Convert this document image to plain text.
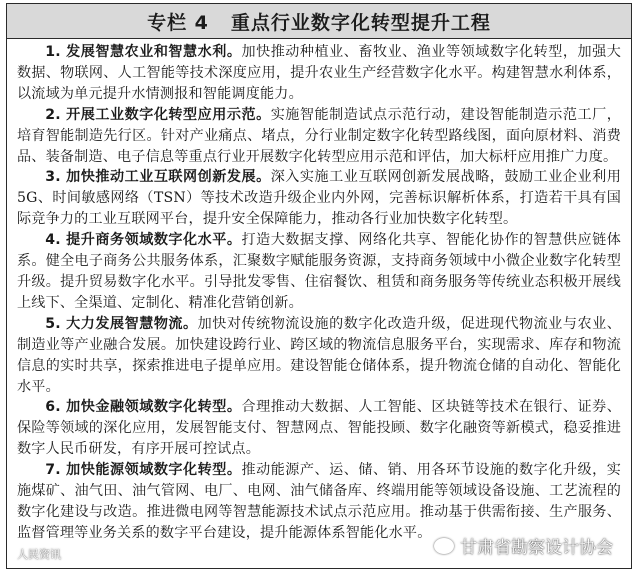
专栏 4 重点行业数字化转型提升工程

1. 发展智慧农业和智慧水利。加快推动种植业、畜牧业、渔业等领域数字化转型，加强大数据、物联网、人工智能等技术深度应用，提升农业生产经营数字化水平。构建智慧水利体系，以流域为单元提升水情测报和智能调度能力。

2. 开展工业数字化转型应用示范。实施智能制造试点示范行动，建设智能制造示范工厂，培育智能制造先行区。针对产业痛点、堵点，分行业制定数字化转型路线图，面向原材料、消费品、装备制造、电子信息等重点行业开展数字化转型应用示范和评估，加大标杆应用推广力度。

3. 加快推动工业互联网创新发展。深入实施工业互联网创新发展战略，鼓励工业企业利用 5G、时间敏感网络（TSN）等技术改造升级企业内外网，完善标识解析体系，打造若干具有国际竞争力的工业互联网平台，提升安全保障能力，推动各行业加快数字化转型。

4. 提升商务领域数字化水平。打造大数据支撑、网络化共享、智能化协作的智慧供应链体系。健全电子商务公共服务体系，汇聚数字赋能服务资源，支持商务领域中小微企业数字化转型升级。提升贸易数字化水平。引导批发零售、住宿餐饮、租赁和商务服务等传统业态积极开展线上线下、全渠道、定制化、精准化营销创新。

5. 大力发展智慧物流。加快对传统物流设施的数字化改造升级，促进现代物流业与农业、制造业等产业融合发展。加快建设跨行业、跨区域的物流信息服务平台，实现需求、库存和物流信息的实时共享，探索推进电子提单应用。建设智能仓储体系，提升物流仓储的自动化、智能化水平。

6. 加快金融领域数字化转型。合理推动大数据、人工智能、区块链等技术在银行、证券、保险等领域的深化应用，发展智能支付、智慧网点、智能投顾、数字化融资等新模式，稳妥推进数字人民币研发，有序开展可控试点。

7. 加快能源领域数字化转型。推动能源产、运、储、销、用各环节设施的数字化升级，实施煤矿、油气田、油气管网、电厂、电网、油气储备库、终端用能等领域设备设施、工艺流程的数字化建设与改造。推进微电网等智慧能源技术试点示范应用。推动基于供需衔接、生产服务、监督管理等业务关系的数字平台建设，提升能源体系智能化水平。

甘肃省勘察设计协会
人民资讯
